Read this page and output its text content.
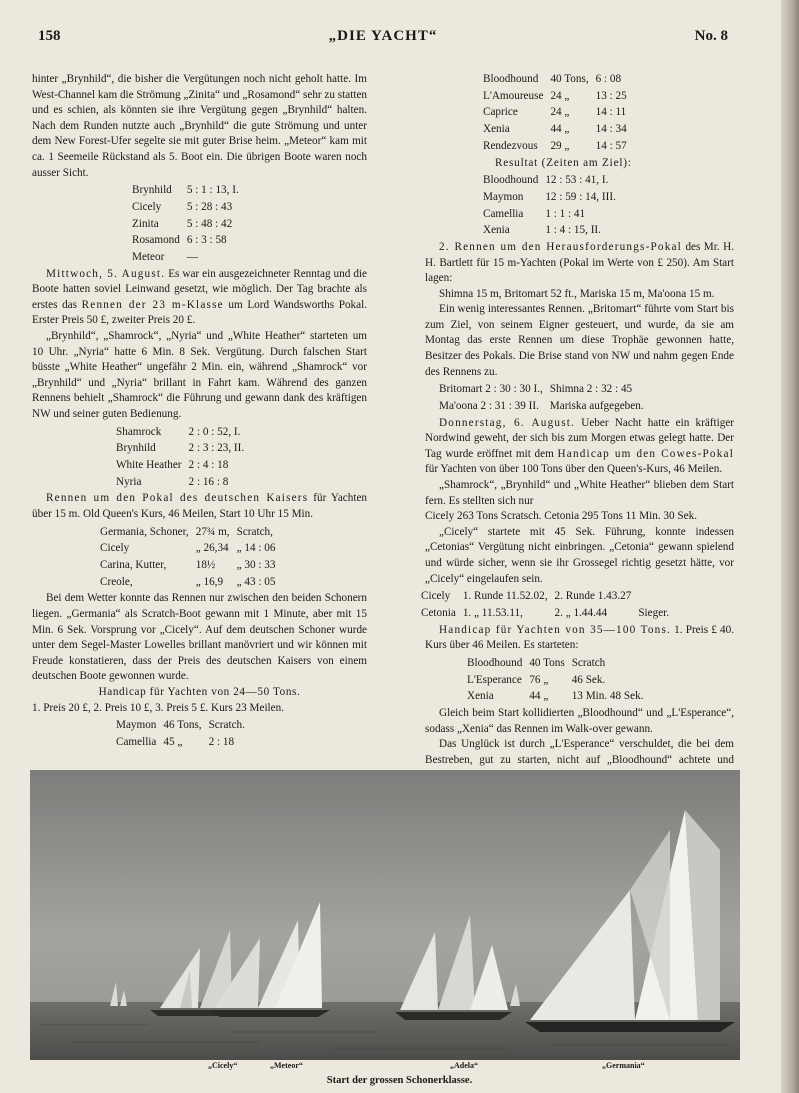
158	„DIE YACHT“	No. 8

hinter „Brynhild“, die bisher die Vergütungen noch nicht geholt hatte. Im West-Channel kam die Strömung „Zinita“ und „Rosamond“ sehr zu statten und es schien, als könnten sie ihre Vergütung gegen „Brynhild“ halten. Nach dem Runden nutzte auch „Brynhild“ die gute Strömung und unter dem New Forest-Ufer segelte sie mit guter Brise heim. „Meteor“ kam mit ca. 1 Seemeile Rückstand als 5. Boot ein. Die übrigen Boote waren noch ausser Sicht.

Brynhild	5 : 1 : 13, I.
Cicely	5 : 28 : 43
Zinita	5 : 48 : 42
Rosamond	6 : 3 : 58
Meteor	—

Mittwoch, 5. August. Es war ein ausgezeichneter Renntag und die Boote hatten soviel Leinwand gesetzt, wie möglich. Der Tag brachte als erstes das Rennen der 23 m-Klasse um Lord Wandsworths Pokal. Erster Preis 50 £, zweiter Preis 20 £.

„Brynhild“, „Shamrock“, „Nyria“ und „White Heather“ starteten um 10 Uhr. „Nyria“ hatte 6 Min. 8 Sek. Vergütung. Durch falschen Start büsste „White Heather“ ungefähr 2 Min. ein, während „Shamrock“ vor „Brynhild“ und „Nyria“ brillant in Fahrt kam. Während des ganzen Rennens behielt „Shamrock“ die Führung und gewann dank des kräftigen NW und seiner guten Bedienung.

Shamrock	2 : 0 : 52, I.
Brynhild	2 : 3 : 23, II.
White Heather	2 : 4 : 18
Nyria	2 : 16 : 8

Rennen um den Pokal des deutschen Kaisers für Yachten über 15 m. Old Queen's Kurs, 46 Meilen, Start 10 Uhr 15 Min.

Germania, Schoner,	27¾ m,	Scratch,
Cicely	„ 26,34	„ 14 : 06
Carina, Kutter,	18½	„ 30 : 33
Creole,	„ 16,9	„ 43 : 05

Bei dem Wetter konnte das Rennen nur zwischen den beiden Schonern liegen. „Germania“ als Scratch-Boot gewann mit 1 Minute, aber mit 15 Min. 6 Sek. Vorsprung vor „Cicely“. Auf dem deutschen Schoner wurde unter dem Segel-Master Lowelles brillant manövriert und wir können mit Freude konstatieren, dass der Preis des deutschen Kaisers von einem deutschen Boote gewonnen wurde.

Handicap für Yachten von 24—50 Tons.

1. Preis 20 £, 2. Preis 10 £, 3. Preis 5 £. Kurs 23 Meilen.

Maymon	46 Tons,	Scratch.
Camellia	45 „	2 : 18
Bloodhound	40 Tons,	6 : 08
L'Amoureuse	24 „	13 : 25
Caprice	24 „	14 : 11
Xenia	44 „	14 : 34
Rendezvous	29 „	14 : 57

Resultat (Zeiten am Ziel):

Bloodhound	12 : 53 : 41, I.
Maymon	12 : 59 : 14, III.
Camellia	1 : 1 : 41
Xenia	1 : 4 : 15, II.

2. Rennen um den Herausforderungs-Pokal des Mr. H. H. Bartlett für 15 m-Yachten (Pokal im Werte von £ 250). Am Start lagen:

Shimna 15 m, Britomart 52 ft., Mariska 15 m, Ma'oona 15 m.

Ein wenig interessantes Rennen. „Britomart“ führte vom Start bis zum Ziel, von seinem Eigner gesteuert, und wurde, da sie am Montag das erste Rennen um diese Trophäe gewonnen hatte, Besitzer des Pokals. Die Brise stand von NW und nahm gegen Ende des Rennens zu.

Britomart 2 : 30 : 30 I.,	Shimna 2 : 32 : 45
Ma'oona 2 : 31 : 39 II.	Mariska aufgegeben.

Donnerstag, 6. August. Ueber Nacht hatte ein kräftiger Nordwind geweht, der sich bis zum Morgen etwas gelegt hatte. Der Tag wurde eröffnet mit dem Handicap um den Cowes-Pokal für Yachten von über 100 Tons über den Queen's-Kurs, 46 Meilen.

„Shamrock“, „Brynhild“ und „White Heather“ blieben dem Start fern. Es stellten sich nur

Cicely 263 Tons Scratsch. Cetonia 295 Tons 11 Min. 30 Sek.

„Cicely“ startete mit 45 Sek. Führung, konnte indessen „Cetonias“ Vergütung nicht einbringen. „Cetonia“ gewann spielend und würde sicher, wenn sie ihr Grossegel richtig gesetzt hätte, vor „Cicely“ eingelaufen sein.

Cicely	1. Runde 11.52.02,	2. Runde 1.43.27	
Cetonia	1. „ 11.53.11,	2. „ 1.44.44	Sieger.

Handicap für Yachten von 35—100 Tons. 1. Preis £ 40. Kurs über 46 Meilen. Es starteten:

Bloodhound	40 Tons	Scratch
L'Esperance	76 „	46 Sek.
Xenia	44 „	13 Min. 48 Sek.

Gleich beim Start kollidierten „Bloodhound“ und „L'Esperance“, sodass „Xenia“ das Rennen im Walk-over gewann.

Das Unglück ist durch „L'Esperance“ verschuldet, die bei dem Bestreben, gut zu starten, nicht auf „Bloodhound“ achtete und

„Cicely“	„Meteor“	„Adela“	„Germania“
Start der grossen Schonerklasse.
